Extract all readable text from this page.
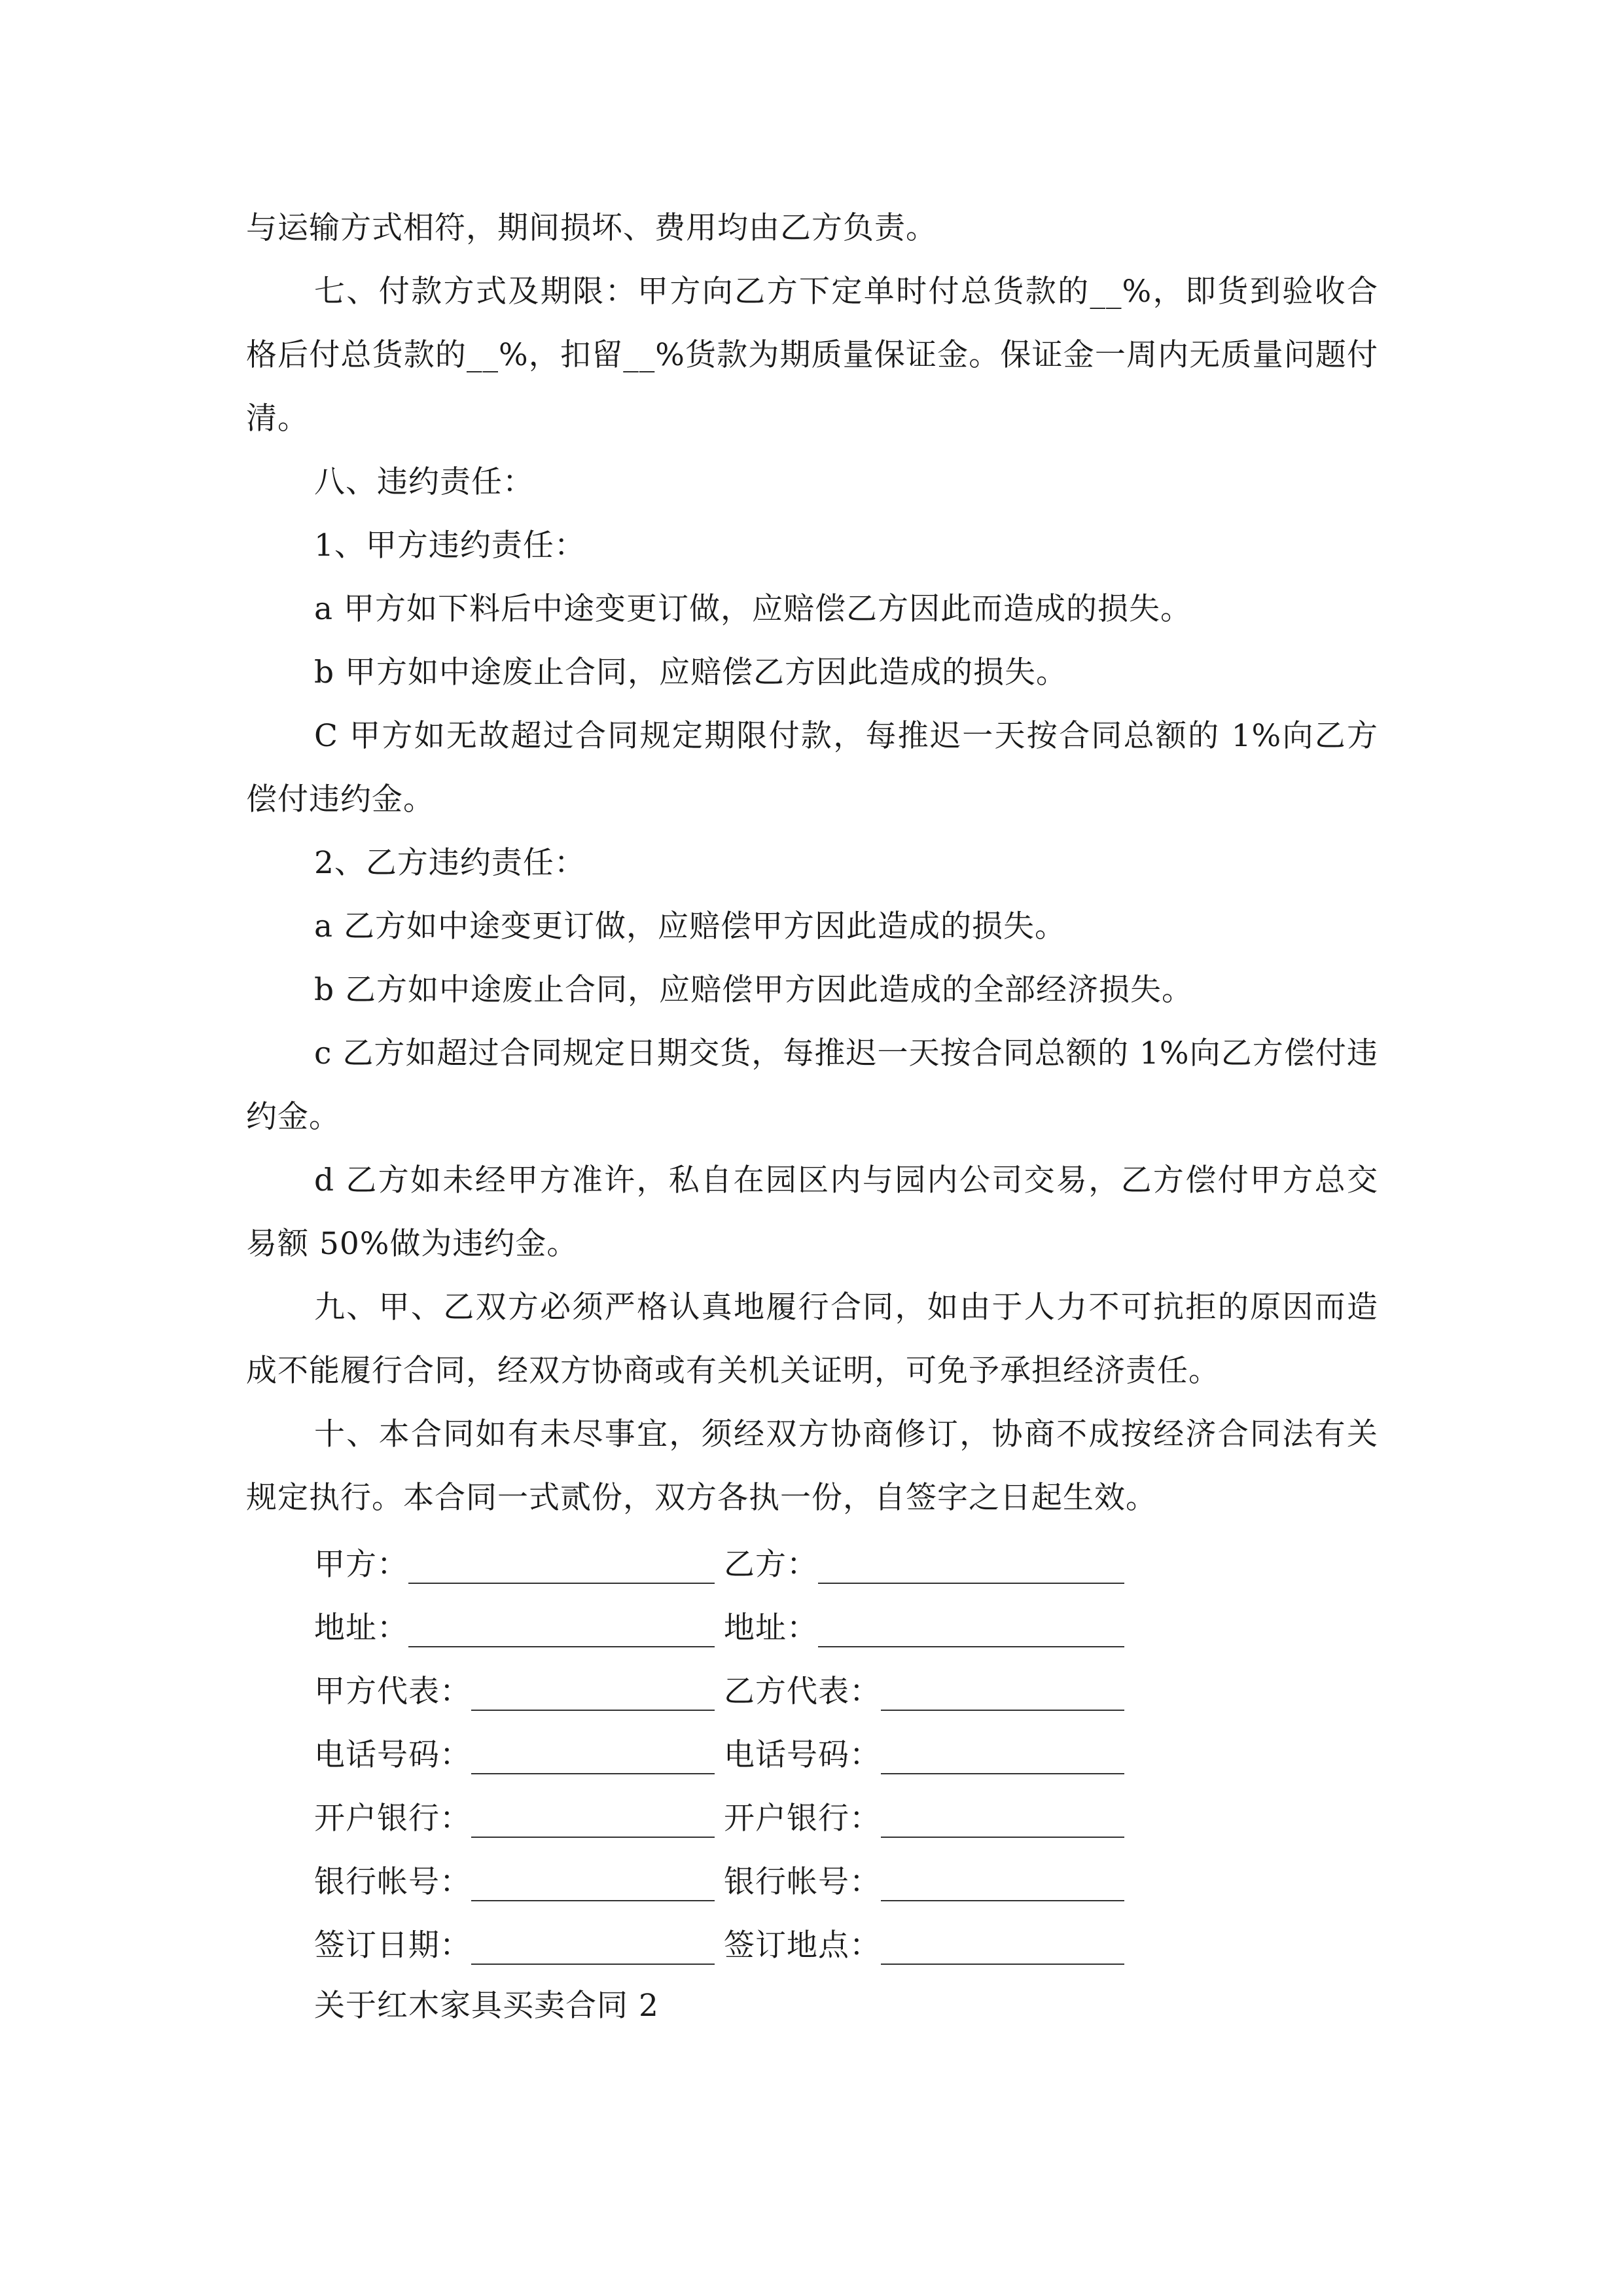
与运输方式相符，期间损坏、费用均由乙方负责。

七、付款方式及期限：甲方向乙方下定单时付总货款的__%，即货到验收合格后付总货款的__%，扣留__%货款为期质量保证金。保证金一周内无质量问题付清。

八、违约责任：

1、甲方违约责任：

a 甲方如下料后中途变更订做，应赔偿乙方因此而造成的损失。

b 甲方如中途废止合同，应赔偿乙方因此造成的损失。

C 甲方如无故超过合同规定期限付款，每推迟一天按合同总额的 1%向乙方偿付违约金。

2、乙方违约责任：

a 乙方如中途变更订做，应赔偿甲方因此造成的损失。

b 乙方如中途废止合同，应赔偿甲方因此造成的全部经济损失。

c 乙方如超过合同规定日期交货，每推迟一天按合同总额的 1%向乙方偿付违约金。

d 乙方如未经甲方准许，私自在园区内与园内公司交易，乙方偿付甲方总交易额 50%做为违约金。

九、甲、乙双方必须严格认真地履行合同，如由于人力不可抗拒的原因而造成不能履行合同，经双方协商或有关机关证明，可免予承担经济责任。

十、本合同如有未尽事宜，须经双方协商修订，协商不成按经济合同法有关规定执行。本合同一式贰份，双方各执一份，自签字之日起生效。

甲方：	乙方：
地址：	地址：
甲方代表：	乙方代表：
电话号码：	电话号码：
开户银行：	开户银行：
银行帐号：	银行帐号：
签订日期：	签订地点：
关于红木家具买卖合同 2
